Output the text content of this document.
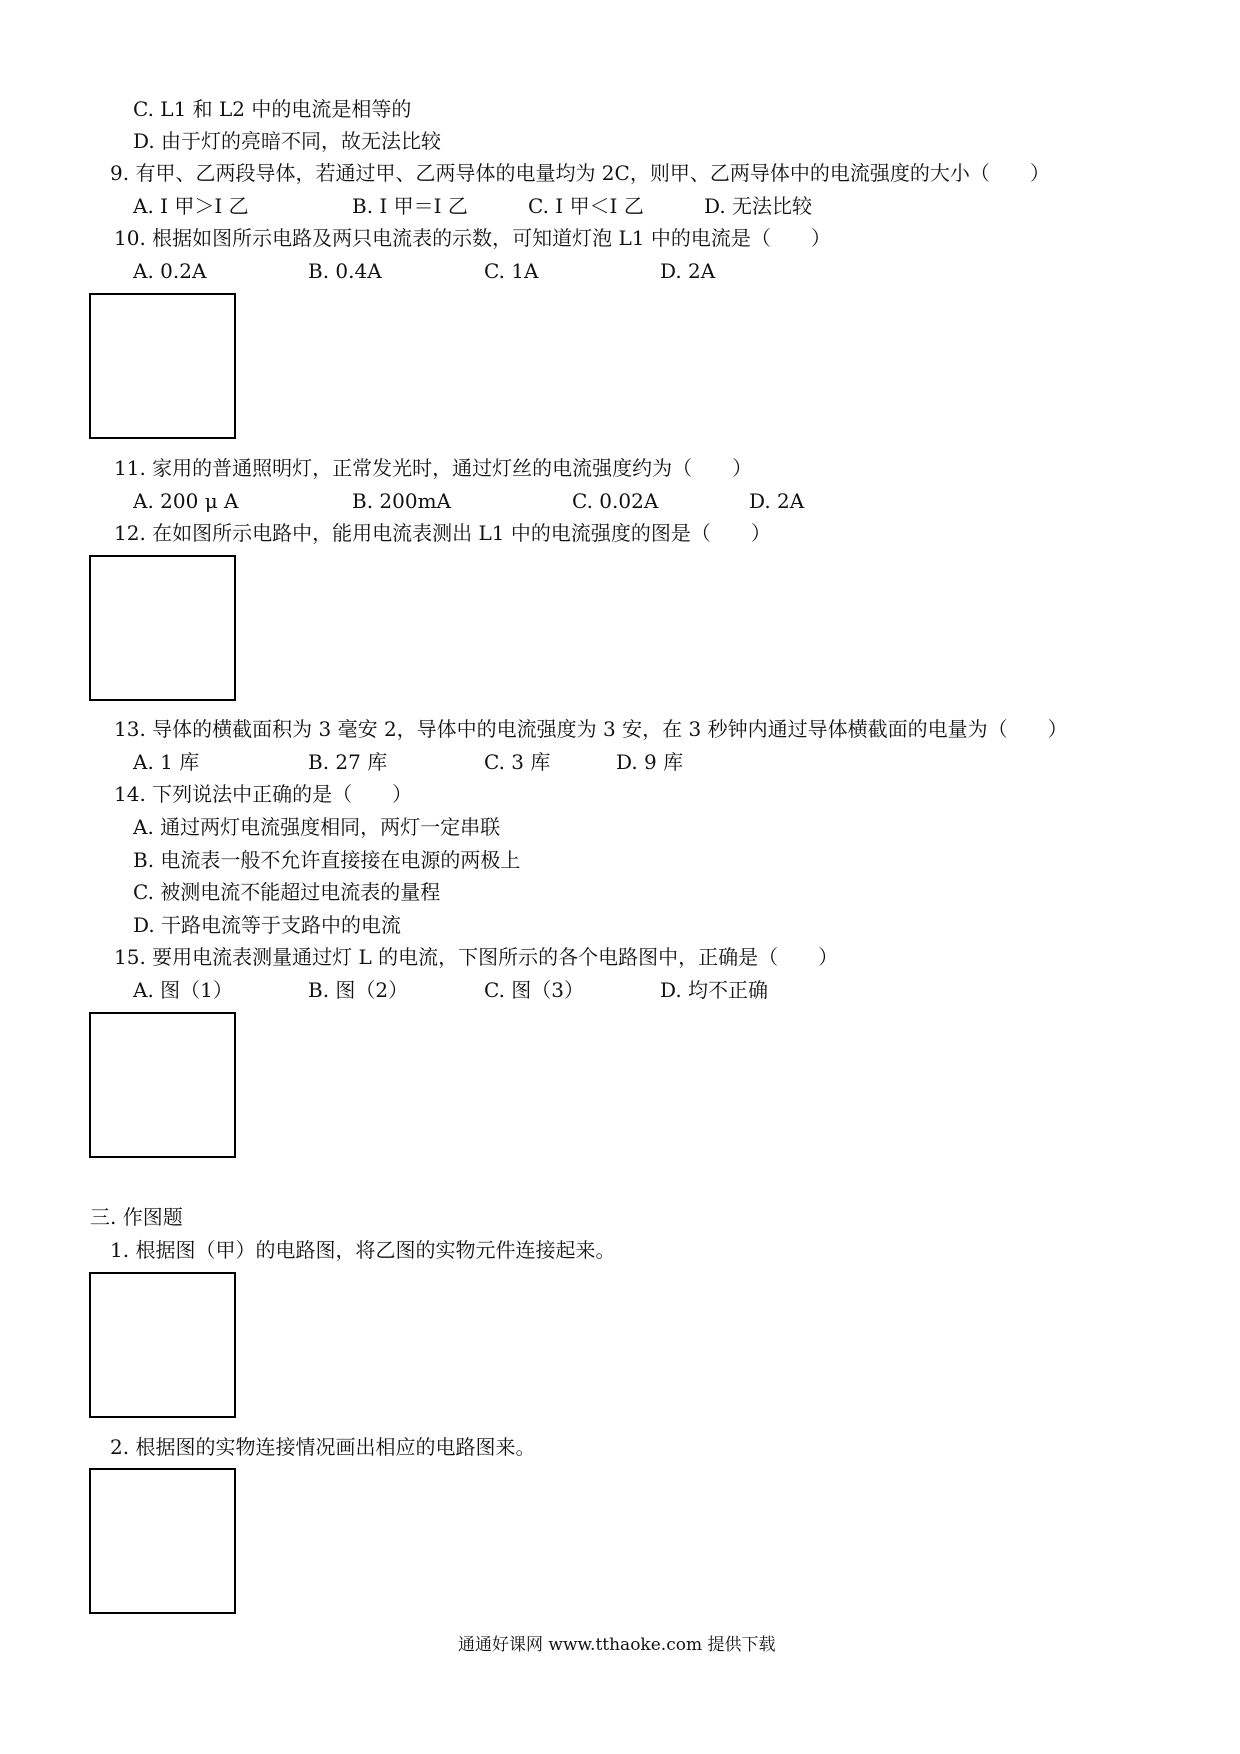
C. L1 和 L2 中的电流是相等的
D. 由于灯的亮暗不同，故无法比较
9. 有甲、乙两段导体，若通过甲、乙两导体的电量均为 2C，则甲、乙两导体中的电流强度的大小（　　）
A. I 甲＞I 乙	B. I 甲＝I 乙	C. I 甲＜I 乙	D. 无法比较
10. 根据如图所示电路及两只电流表的示数，可知道灯泡 L1 中的电流是（　　）
A. 0.2A	B. 0.4A	C. 1A	D. 2A
11. 家用的普通照明灯，正常发光时，通过灯丝的电流强度约为（　　）
A. 200 μ A	B. 200mA	C. 0.02A	D. 2A
12. 在如图所示电路中，能用电流表测出 L1 中的电流强度的图是（　　）
13. 导体的横截面积为 3 毫安 2，导体中的电流强度为 3 安，在 3 秒钟内通过导体横截面的电量为（　　）
A. 1 库	B. 27 库	C. 3 库	D. 9 库
14. 下列说法中正确的是（　　）
A. 通过两灯电流强度相同，两灯一定串联
B. 电流表一般不允许直接接在电源的两极上
C. 被测电流不能超过电流表的量程
D. 干路电流等于支路中的电流
15. 要用电流表测量通过灯 L 的电流，下图所示的各个电路图中，正确是（　　）
A. 图（1）	B. 图（2）	C. 图（3）	D. 均不正确
三. 作图题
1. 根据图（甲）的电路图，将乙图的实物元件连接起来。
2. 根据图的实物连接情况画出相应的电路图来。
通通好课网 www.tthaoke.com 提供下载
